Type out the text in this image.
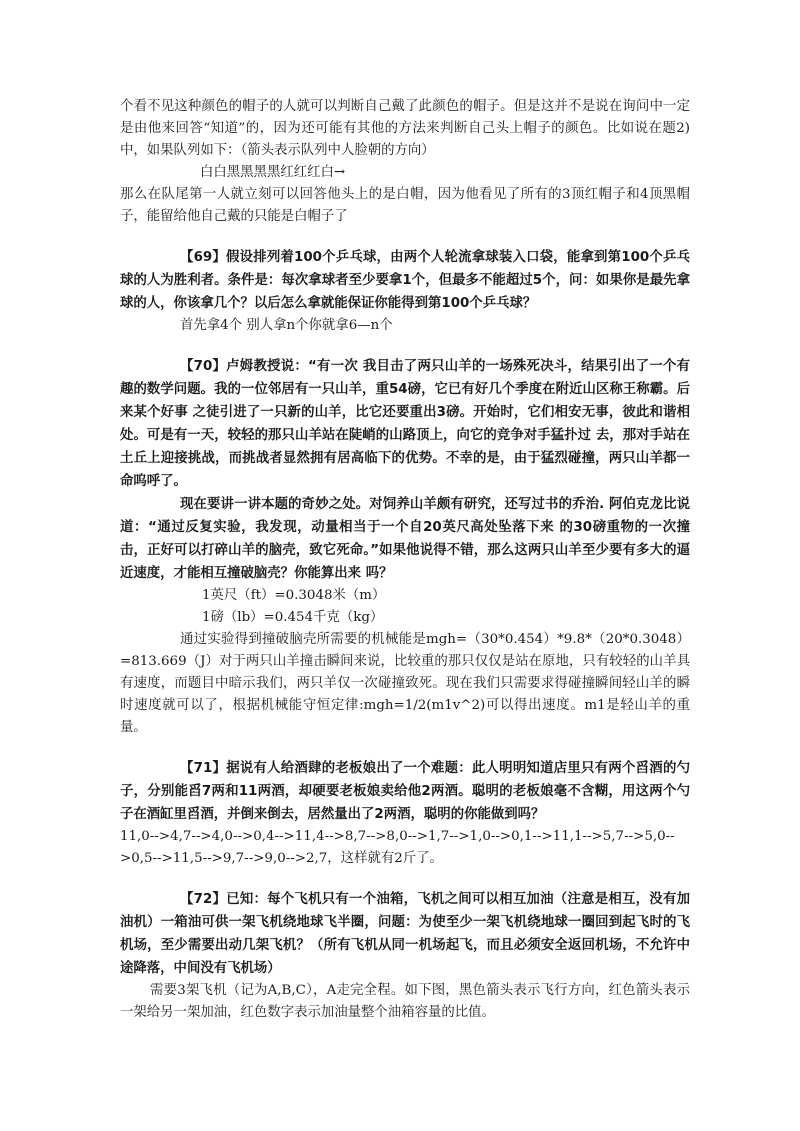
个看不见这种颜色的帽子的人就可以判断自己戴了此颜色的帽子。但是这并不是说在询问中一定是由他来回答“知道”的，因为还可能有其他的方法来判断自己头上帽子的颜色。比如说在题2)中，如果队列如下：（箭头表示队列中人脸朝的方向）

白白黑黑黑黑红红红白→

那么在队尾第一人就立刻可以回答他头上的是白帽，因为他看见了所有的3顶红帽子和4顶黑帽子，能留给他自己戴的只能是白帽子了

【69】假设排列着100个乒乓球，由两个人轮流拿球装入口袋，能拿到第100个乒乓球的人为胜利者。条件是：每次拿球者至少要拿1个，但最多不能超过5个，问：如果你是最先拿球的人，你该拿几个？以后怎么拿就能保证你能得到第100个乒乓球？

首先拿4个 别人拿n个你就拿6—n个

【70】卢姆教授说：“有一次 我目击了两只山羊的一场殊死决斗，结果引出了一个有趣的数学问题。我的一位邻居有一只山羊，重54磅，它已有好几个季度在附近山区称王称霸。后来某个好事 之徒引进了一只新的山羊，比它还要重出3磅。开始时，它们相安无事，彼此和谐相处。可是有一天，较轻的那只山羊站在陡峭的山路顶上，向它的竞争对手猛扑过 去，那对手站在土丘上迎接挑战，而挑战者显然拥有居高临下的优势。不幸的是，由于猛烈碰撞，两只山羊都一命呜呼了。

现在要讲一讲本题的奇妙之处。对饲养山羊颇有研究，还写过书的乔治. 阿伯克龙比说道：“通过反复实验，我发现，动量相当于一个自20英尺高处坠落下来 的30磅重物的一次撞击，正好可以打碎山羊的脑壳，致它死命。”如果他说得不错，那么这两只山羊至少要有多大的逼近速度，才能相互撞破脑壳？你能算出来 吗？

1英尺（ft）=0.3048米（m）

1磅（lb）=0.454千克（kg）

通过实验得到撞破脑壳所需要的机械能是mgh=（30*0.454）*9.8*（20*0.3048）=813.669（J）对于两只山羊撞击瞬间来说，比较重的那只仅仅是站在原地，只有较轻的山羊具有速度，而题目中暗示我们，两只羊仅一次碰撞致死。现在我们只需要求得碰撞瞬间轻山羊的瞬时速度就可以了，根据机械能守恒定律:mgh=1/2(m1v^2)可以得出速度。m1是轻山羊的重量。

【71】据说有人给酒肆的老板娘出了一个难题：此人明明知道店里只有两个舀酒的勺子，分别能舀7两和11两酒，却硬要老板娘卖给他2两酒。聪明的老板娘毫不含糊，用这两个勺子在酒缸里舀酒，并倒来倒去，居然量出了2两酒，聪明的你能做到吗？

11,0-->4,7-->4,0-->0,4-->11,4-->8,7-->8,0-->1,7-->1,0-->0,1-->11,1-->5,7-->5,0-->0,5-->11,5-->9,7-->9,0-->2,7，这样就有2斤了。

【72】已知：每个飞机只有一个油箱，飞机之间可以相互加油（注意是相互，没有加油机）一箱油可供一架飞机绕地球飞半圈，问题：为使至少一架飞机绕地球一圈回到起飞时的飞机场，至少需要出动几架飞机？（所有飞机从同一机场起飞，而且必须安全返回机场，不允许中途降落，中间没有飞机场）

需要3架飞机（记为A,B,C），A走完全程。如下图，黑色箭头表示飞行方向，红色箭头表示一架给另一架加油，红色数字表示加油量整个油箱容量的比值。
